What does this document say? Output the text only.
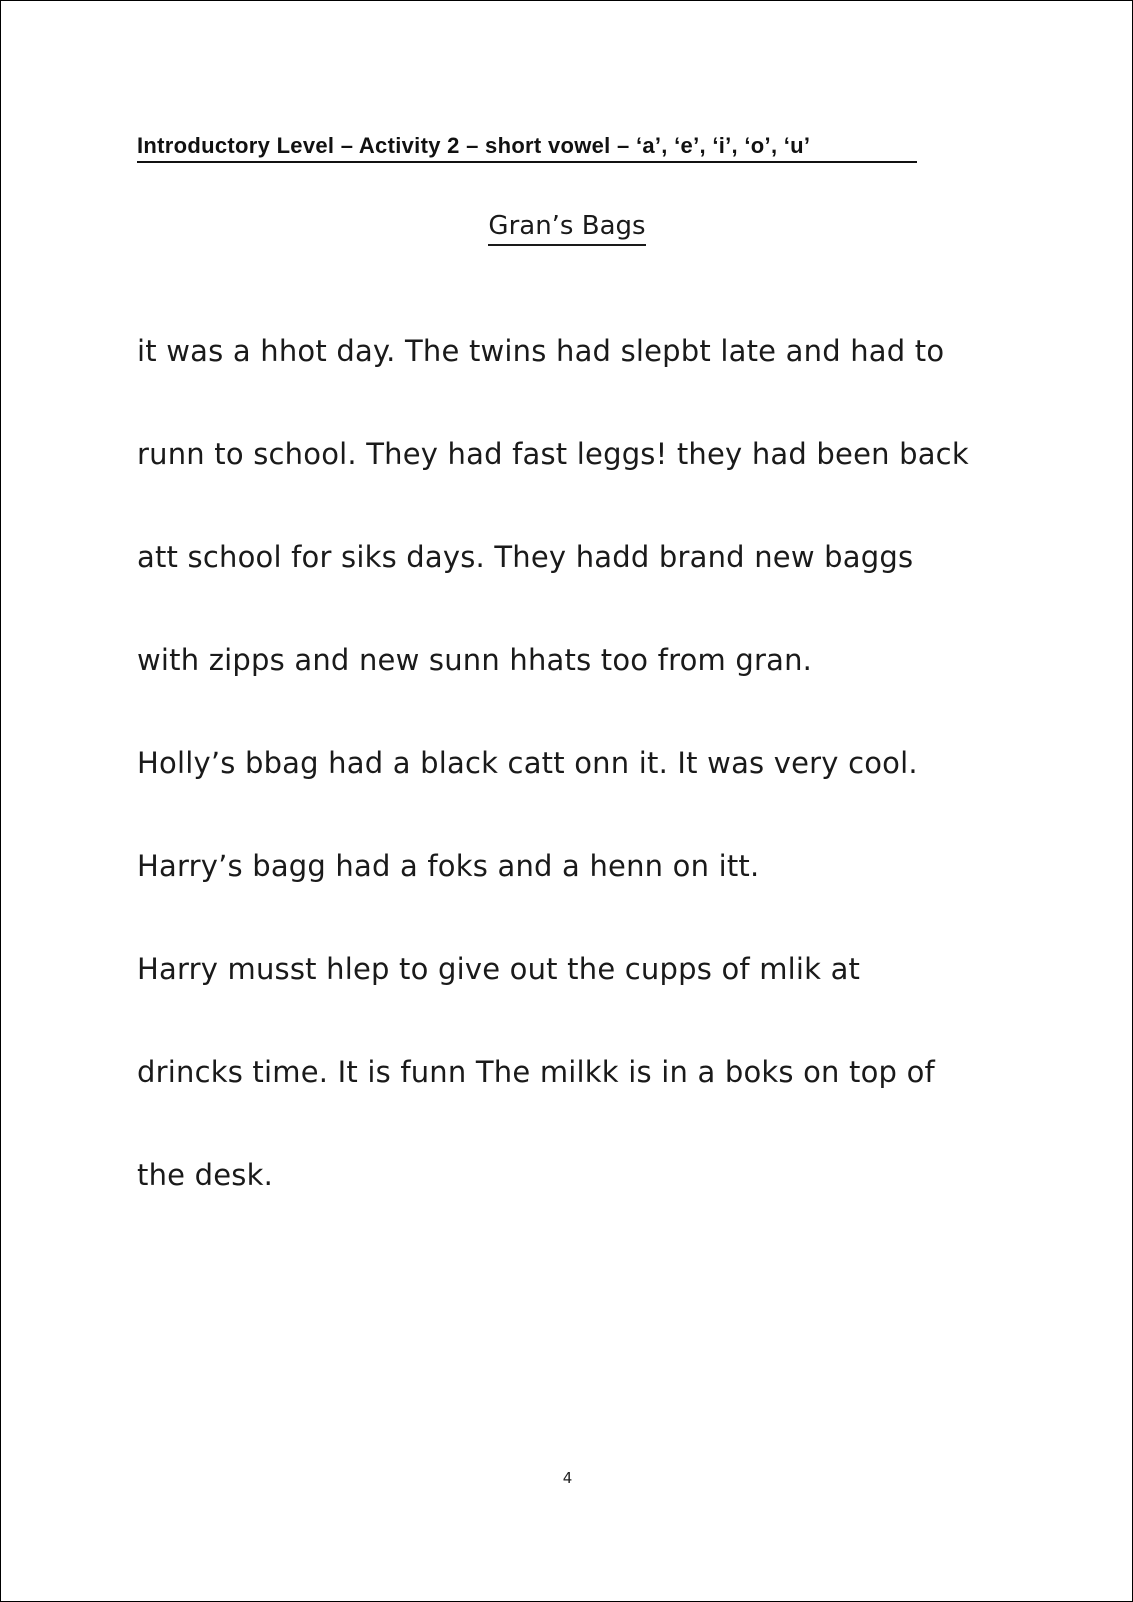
Introductory Level – Activity 2 – short vowel – ‘a’, ‘e’, ‘i’, ‘o’, ‘u’
Gran’s Bags
it was a hhot day. The twins had slepbt late and had to
runn to school. They had fast leggs! they had been back
att school for siks days. They hadd brand new baggs
with zipps and new sunn hhats too from gran.
Holly’s bbag had a black catt onn it. It was very cool.
Harry’s bagg had a foks and a henn on itt.
Harry musst hlep to give out the cupps of mlik at
drincks time. It is funn The milkk is in a boks on top of
the desk.
4
